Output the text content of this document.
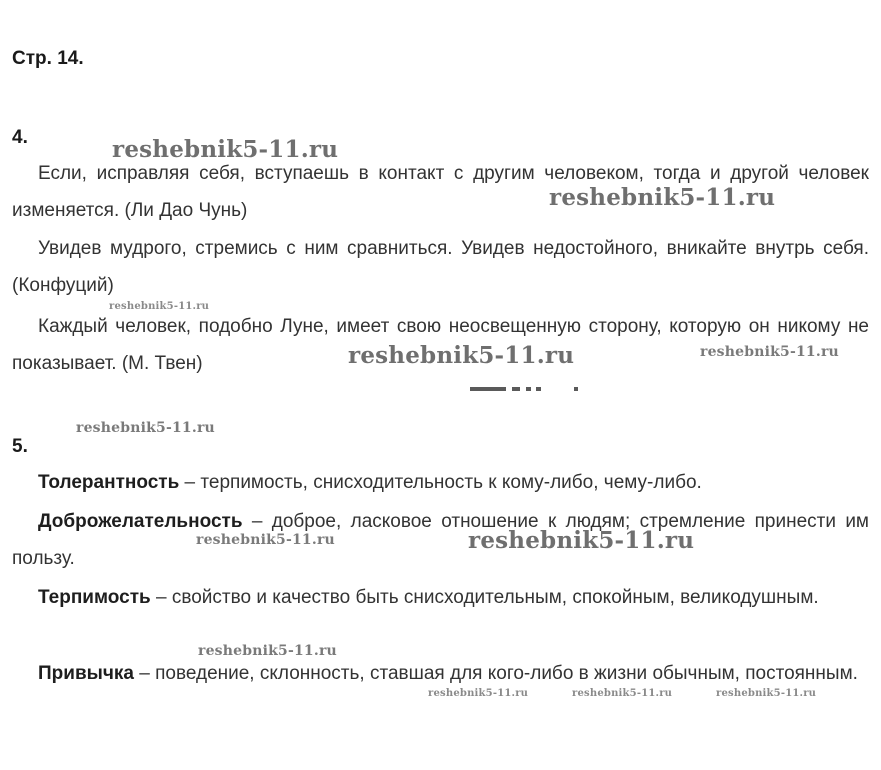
Стр. 14.
4.
Если, исправляя себя, вступаешь в контакт с другим человеком, тогда и другой человек изменяется. (Ли Дао Чунь)
Увидев мудрого, стремись с ним сравниться. Увидев недостойного, вникайте внутрь себя. (Конфуций)
Каждый человек, подобно Луне, имеет свою неосвещенную сторону, которую он никому не показывает. (М. Твен)
5.
Толерантность – терпимость, снисходительность к кому-либо, чему-либо.
Доброжелательность – доброе, ласковое отношение к людям; стремление принести им пользу.
Терпимость – свойство и качество быть снисходительным, спокойным, великодушным.
Привычка – поведение, склонность, ставшая для кого-либо в жизни обычным, постоянным.
reshebnik5-11.ru
reshebnik5-11.ru
reshebnik5-11.ru
reshebnik5-11.ru	reshebnik5-11.ru
reshebnik5-11.ru
reshebnik5-11.ru	reshebnik5-11.ru
reshebnik5-11.ru
reshebnik5-11.ru	reshebnik5-11.ru	reshebnik5-11.ru
